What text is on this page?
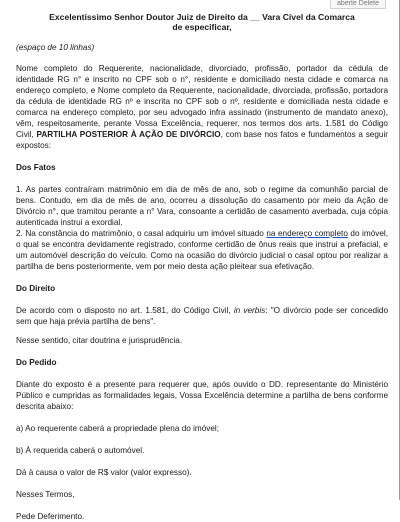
aberte Delete

Excelentíssimo Senhor Doutor Juiz de Direito da __ Vara Cível da Comarca

de especificar,

(espaço de 10 linhas)

Nome completo do Requerente, nacionalidade, divorciado, profissão, portador da cédula de identidade RG n° e inscrito no CPF sob o n°, residente e domiciliado nesta cidade e comarca na endereço completo, e Nome completo da Requerente, nacionalidade, divorciada, profissão, portadora da cédula de identidade RG nº e inscrita no CPF sob o nº, residente e domiciliada nesta cidade e comarca na endereço completo, por seu advogado infra assinado (instrumento de mandato anexo), vêm, respeitosamente, perante Vossa Excelência, requerer, nos termos dos arts. 1.581 do Código Civil, PARTILHA POSTERIOR À AÇÃO DE DIVÓRCIO, com base nos fatos e fundamentos a seguir expostos:

Dos Fatos

1. As partes contraíram matrimônio em dia de mês de ano, sob o regime da comunhão parcial de bens. Contudo, em dia de mês de ano, ocorreu a dissolução do casamento por meio da Ação de Divórcio n°, que tramitou perante a n° Vara, consoante a certidão de casamento averbada, cuja cópia autenticada instrui a exordial.

2. Na constância do matrimônio, o casal adquiriu um imóvel situado na endereço completo do imóvel, o qual se encontra devidamente registrado, conforme certidão de ônus reais que instrui a prefacial, e um automóvel descrição do veículo. Como na ocasião do divórcio judicial o casal optou por realizar a partilha de bens posteriormente, vem por meio desta ação pleitear sua efetivação.

Do Direito

De acordo com o disposto no art. 1.581, do Código Civil, in verbis: "O divórcio pode ser concedido sem que haja prévia partilha de bens".

Nesse sentido, citar doutrina e jurisprudência.

Do Pedido

Diante do exposto é a presente para requerer que, após ouvido o DD. representante do Ministério Público e cumpridas as formalidades legais, Vossa Excelência determine a partilha de bens conforme descrita abaixo:

a) Ao requerente caberá a propriedade plena do imóvel;

b) À requerida caberá o automóvel.

Dá à causa o valor de R$ valor (valor expresso).

Nesses Termos,

Pede Deferimento.
